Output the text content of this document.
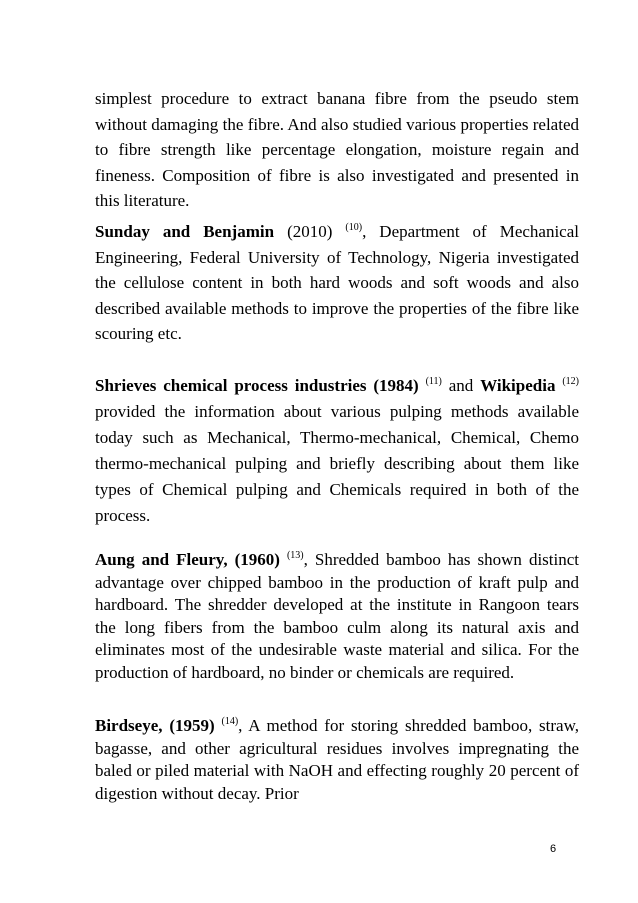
simplest procedure to extract banana fibre from the pseudo stem without damaging the fibre. And also studied various properties related to fibre strength like percentage elongation, moisture regain and fineness. Composition of fibre is also investigated and presented in this literature.

Sunday and Benjamin (2010) $^{(10)}$, Department of Mechanical Engineering, Federal University of Technology, Nigeria investigated the cellulose content in both hard woods and soft woods and also described available methods to improve the properties of the fibre like scouring etc.

Shrieves chemical process industries (1984) $^{(11)}$ and Wikipedia $^{(12)}$ provided the information about various pulping methods available today such as Mechanical, Thermo-mechanical, Chemical, Chemo thermo-mechanical pulping and briefly describing about them like types of Chemical pulping and Chemicals required in both of the process.

Aung and Fleury, (1960) $^{(13)}$, Shredded bamboo has shown distinct advantage over chipped bamboo in the production of kraft pulp and hardboard. The shredder developed at the institute in Rangoon tears the long fibers from the bamboo culm along its natural axis and eliminates most of the undesirable waste material and silica. For the production of hardboard, no binder or chemicals are required.

Birdseye, (1959) $^{(14)}$, A method for storing shredded bamboo, straw, bagasse, and other agricultural residues involves impregnating the baled or piled material with NaOH and effecting roughly 20 percent of digestion without decay. Prior

6
